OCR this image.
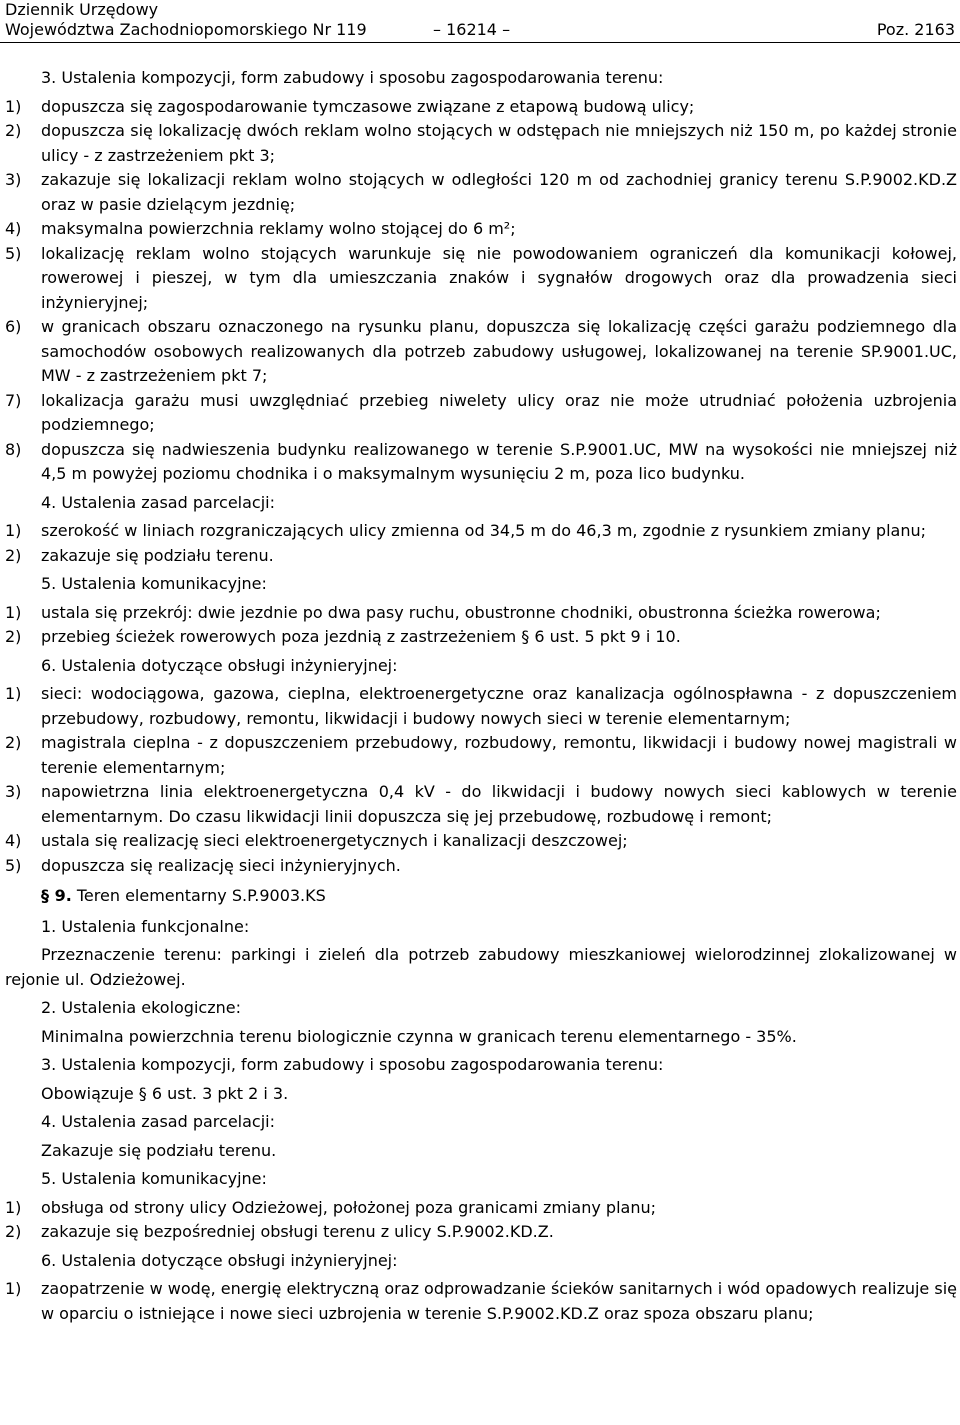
Dziennik Urzędowy
Województwa Zachodniopomorskiego Nr 119	– 16214 –	Poz. 2163
3. Ustalenia kompozycji, form zabudowy i sposobu zagospodarowania terenu:
1)	dopuszcza się zagospodarowanie tymczasowe związane z etapową budową ulicy;
2)	dopuszcza się lokalizację dwóch reklam wolno stojących w odstępach nie mniejszych niż 150 m, po każdej stronie ulicy - z zastrzeżeniem pkt 3;
3)	zakazuje się lokalizacji reklam wolno stojących w odległości 120 m od zachodniej granicy terenu S.P.9002.KD.Z oraz w pasie dzielącym jezdnię;
4)	maksymalna powierzchnia reklamy wolno stojącej do 6 m²;
5)	lokalizację reklam wolno stojących warunkuje się nie powodowaniem ograniczeń dla komunikacji kołowej, rowerowej i pieszej, w tym dla umieszczania znaków i sygnałów drogowych oraz dla prowadzenia sieci inżynieryjnej;
6)	w granicach obszaru oznaczonego na rysunku planu, dopuszcza się lokalizację części garażu podziemnego dla samochodów osobowych realizowanych dla potrzeb zabudowy usługowej, lokalizowanej na terenie SP.9001.UC, MW - z zastrzeżeniem pkt 7;
7)	lokalizacja garażu musi uwzględniać przebieg niwelety ulicy oraz nie może utrudniać położenia uzbrojenia podziemnego;
8)	dopuszcza się nadwieszenia budynku realizowanego w terenie S.P.9001.UC, MW na wysokości nie mniejszej niż 4,5 m powyżej poziomu chodnika i o maksymalnym wysunięciu 2 m, poza lico budynku.
4. Ustalenia zasad parcelacji:
1)	szerokość w liniach rozgraniczających ulicy zmienna od 34,5 m do 46,3 m, zgodnie z rysunkiem zmiany planu;
2)	zakazuje się podziału terenu.
5. Ustalenia komunikacyjne:
1)	ustala się przekrój: dwie jezdnie po dwa pasy ruchu, obustronne chodniki, obustronna ścieżka rowerowa;
2)	przebieg ścieżek rowerowych poza jezdnią z zastrzeżeniem § 6 ust. 5 pkt 9 i 10.
6. Ustalenia dotyczące obsługi inżynieryjnej:
1)	sieci: wodociągowa, gazowa, cieplna, elektroenergetyczne oraz kanalizacja ogólnospławna - z dopuszczeniem przebudowy, rozbudowy, remontu, likwidacji i budowy nowych sieci w terenie elementarnym;
2)	magistrala cieplna - z dopuszczeniem przebudowy, rozbudowy, remontu, likwidacji i budowy nowej magistrali w terenie elementarnym;
3)	napowietrzna linia elektroenergetyczna 0,4 kV - do likwidacji i budowy nowych sieci kablowych w terenie elementarnym. Do czasu likwidacji linii dopuszcza się jej przebudowę, rozbudowę i remont;
4)	ustala się realizację sieci elektroenergetycznych i kanalizacji deszczowej;
5)	dopuszcza się realizację sieci inżynieryjnych.
§ 9. Teren elementarny S.P.9003.KS
1. Ustalenia funkcjonalne:
Przeznaczenie terenu: parkingi i zieleń dla potrzeb zabudowy mieszkaniowej wielorodzinnej zlokalizowanej w rejonie ul. Odzieżowej.
2. Ustalenia ekologiczne:
Minimalna powierzchnia terenu biologicznie czynna w granicach terenu elementarnego - 35%.
3. Ustalenia kompozycji, form zabudowy i sposobu zagospodarowania terenu:
Obowiązuje § 6 ust. 3 pkt 2 i 3.
4. Ustalenia zasad parcelacji:
Zakazuje się podziału terenu.
5. Ustalenia komunikacyjne:
1)	obsługa od strony ulicy Odzieżowej, położonej poza granicami zmiany planu;
2)	zakazuje się bezpośredniej obsługi terenu z ulicy S.P.9002.KD.Z.
6. Ustalenia dotyczące obsługi inżynieryjnej:
1)	zaopatrzenie w wodę, energię elektryczną oraz odprowadzanie ścieków sanitarnych i wód opadowych realizuje się w oparciu o istniejące i nowe sieci uzbrojenia w terenie S.P.9002.KD.Z oraz spoza obszaru planu;
